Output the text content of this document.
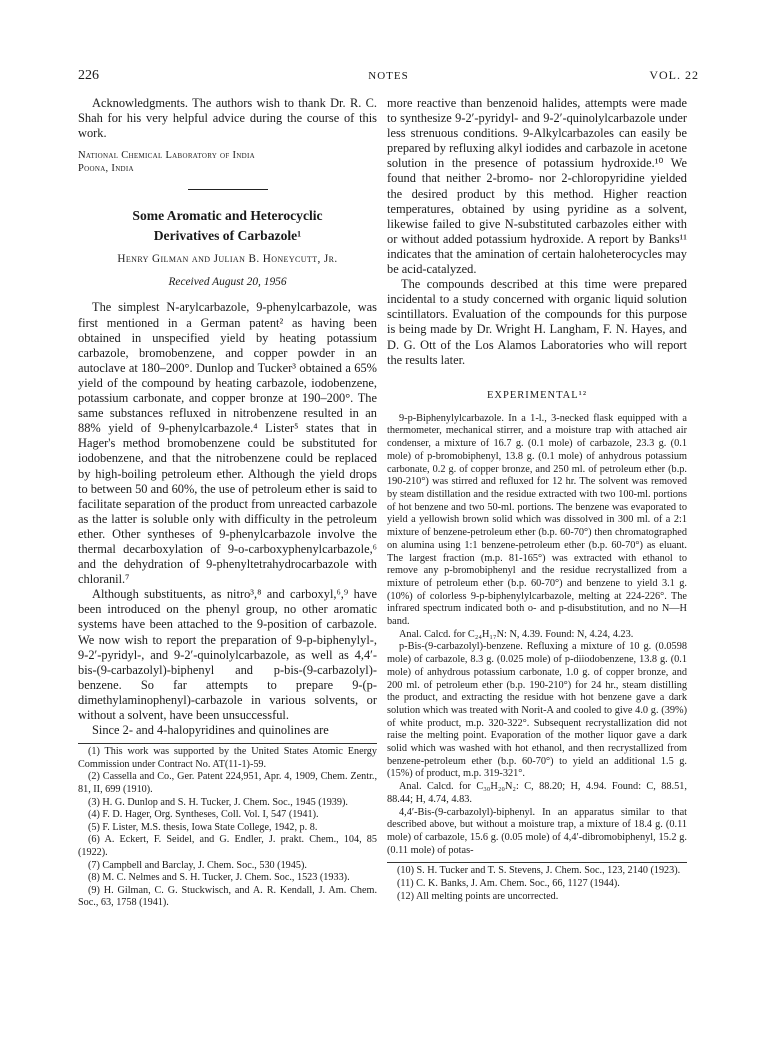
226	NOTES	VOL. 22

Acknowledgments. The authors wish to thank Dr. R. C. Shah for his very helpful advice during the course of this work.

National Chemical Laboratory of India
Poona, India
Some Aromatic and Heterocyclic
Derivatives of Carbazole¹
Henry Gilman and Julian B. Honeycutt, Jr.
Received August 20, 1956

The simplest N-arylcarbazole, 9-phenylcarbazole, was first mentioned in a German patent² as having been obtained in unspecified yield by heating potassium carbazole, bromobenzene, and copper powder in an autoclave at 180–200°. Dunlop and Tucker³ obtained a 65% yield of the compound by heating carbazole, iodobenzene, potassium carbonate, and copper bronze at 190–200°. The same substances refluxed in nitrobenzene resulted in an 88% yield of 9-phenylcarbazole.⁴ Lister⁵ states that in Hager's method bromobenzene could be substituted for iodobenzene, and that the nitrobenzene could be replaced by high-boiling petroleum ether. Although the yield drops to between 50 and 60%, the use of petroleum ether is said to facilitate separation of the product from unreacted carbazole as the latter is soluble only with difficulty in the petroleum ether. Other syntheses of 9-phenylcarbazole involve the thermal decarboxylation of 9-o-carboxyphenylcarbazole,⁶ and the dehydration of 9-phenyltetrahydrocarbazole with chloranil.⁷

Although substituents, as nitro³,⁸ and carboxyl,⁶,⁹ have been introduced on the phenyl group, no other aromatic systems have been attached to the 9-position of carbazole. We now wish to report the preparation of 9-p-biphenylyl-, 9-2′-pyridyl-, and 9-2′-quinolylcarbazole, as well as 4,4′-bis-(9-carbazolyl)-biphenyl and p-bis-(9-carbazolyl)-benzene. So far attempts to prepare 9-(p-dimethylaminophenyl)-carbazole in various solvents, or without a solvent, have been unsuccessful.

Since 2- and 4-halopyridines and quinolines are

(1) This work was supported by the United States Atomic Energy Commission under Contract No. AT(11-1)-59.

(2) Cassella and Co., Ger. Patent 224,951, Apr. 4, 1909, Chem. Zentr., 81, II, 699 (1910).

(3) H. G. Dunlop and S. H. Tucker, J. Chem. Soc., 1945 (1939).

(4) F. D. Hager, Org. Syntheses, Coll. Vol. I, 547 (1941).

(5) F. Lister, M.S. thesis, Iowa State College, 1942, p. 8.

(6) A. Eckert, F. Seidel, and G. Endler, J. prakt. Chem., 104, 85 (1922).

(7) Campbell and Barclay, J. Chem. Soc., 530 (1945).

(8) M. C. Nelmes and S. H. Tucker, J. Chem. Soc., 1523 (1933).

(9) H. Gilman, C. G. Stuckwisch, and A. R. Kendall, J. Am. Chem. Soc., 63, 1758 (1941).

more reactive than benzenoid halides, attempts were made to synthesize 9-2′-pyridyl- and 9-2′-quinolylcarbazole under less strenuous conditions. 9-Alkylcarbazoles can easily be prepared by refluxing alkyl iodides and carbazole in acetone solution in the presence of potassium hydroxide.¹⁰ We found that neither 2-bromo- nor 2-chloropyridine yielded the desired product by this method. Higher reaction temperatures, obtained by using pyridine as a solvent, likewise failed to give N-substituted carbazoles either with or without added potassium hydroxide. A report by Banks¹¹ indicates that the amination of certain haloheterocycles may be acid-catalyzed.

The compounds described at this time were prepared incidental to a study concerned with organic liquid solution scintillators. Evaluation of the compounds for this purpose is being made by Dr. Wright H. Langham, F. N. Hayes, and D. G. Ott of the Los Alamos Laboratories who will report the results later.

EXPERIMENTAL¹²

9-p-Biphenylylcarbazole. In a 1-l., 3-necked flask equipped with a thermometer, mechanical stirrer, and a moisture trap with attached air condenser, a mixture of 16.7 g. (0.1 mole) of carbazole, 23.3 g. (0.1 mole) of p-bromobiphenyl, 13.8 g. (0.1 mole) of anhydrous potassium carbonate, 0.2 g. of copper bronze, and 250 ml. of petroleum ether (b.p. 190-210°) was stirred and refluxed for 12 hr. The solvent was removed by steam distillation and the residue extracted with two 100-ml. portions of hot benzene and two 50-ml. portions. The benzene was evaporated to yield a yellowish brown solid which was dissolved in 300 ml. of a 2:1 mixture of benzene-petroleum ether (b.p. 60-70°) then chromatographed on alumina using 1:1 benzene-petroleum ether (b.p. 60-70°) as eluant. The largest fraction (m.p. 81-165°) was extracted with ethanol to remove any p-bromobiphenyl and the residue recrystallized from a mixture of petroleum ether (b.p. 60-70°) and benzene to yield 3.1 g. (10%) of colorless 9-p-biphenylylcarbazole, melting at 224-226°. The infrared spectrum indicated both o- and p-disubstitution, and no N—H band.

Anal. Calcd. for C₂₄H₁₇N: N, 4.39. Found: N, 4.24, 4.23.

p-Bis-(9-carbazolyl)-benzene. Refluxing a mixture of 10 g. (0.0598 mole) of carbazole, 8.3 g. (0.025 mole) of p-diiodobenzene, 13.8 g. (0.1 mole) of anhydrous potassium carbonate, 1.0 g. of copper bronze, and 200 ml. of petroleum ether (b.p. 190-210°) for 24 hr., steam distilling the product, and extracting the residue with hot benzene gave a dark solution which was treated with Norit-A and cooled to give 4.0 g. (39%) of white product, m.p. 320-322°. Subsequent recrystallization did not raise the melting point. Evaporation of the mother liquor gave a dark solid which was washed with hot ethanol, and then recrystallized from benzene-petroleum ether (b.p. 60-70°) to yield an additional 1.5 g. (15%) of product, m.p. 319-321°.

Anal. Calcd. for C₃₀H₂₀N₂: C, 88.20; H, 4.94. Found: C, 88.51, 88.44; H, 4.74, 4.83.

4,4′-Bis-(9-carbazolyl)-biphenyl. In an apparatus similar to that described above, but without a moisture trap, a mixture of 18.4 g. (0.11 mole) of carbazole, 15.6 g. (0.05 mole) of 4,4′-dibromobiphenyl, 15.2 g. (0.11 mole) of potas-

(10) S. H. Tucker and T. S. Stevens, J. Chem. Soc., 123, 2140 (1923).

(11) C. K. Banks, J. Am. Chem. Soc., 66, 1127 (1944).

(12) All melting points are uncorrected.
